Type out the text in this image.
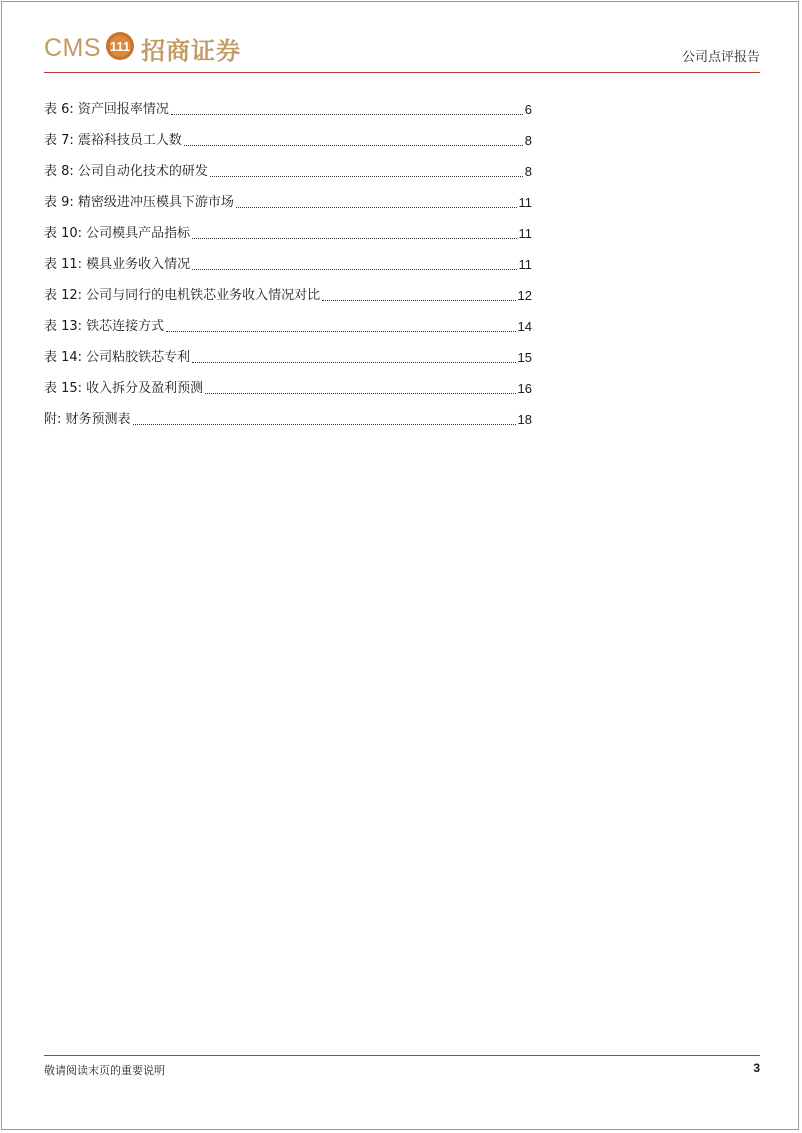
CMS 111 招商证券	公司点评报告
表 6: 资产回报率情况	6
表 7: 震裕科技员工人数	8
表 8: 公司自动化技术的研发	8
表 9: 精密级进冲压模具下游市场	11
表 10: 公司模具产品指标	11
表 11: 模具业务收入情况	11
表 12: 公司与同行的电机铁芯业务收入情况对比	12
表 13: 铁芯连接方式	14
表 14: 公司粘胶铁芯专利	15
表 15: 收入拆分及盈利预测	16
附: 财务预测表	18
敬请阅读末页的重要说明	3
